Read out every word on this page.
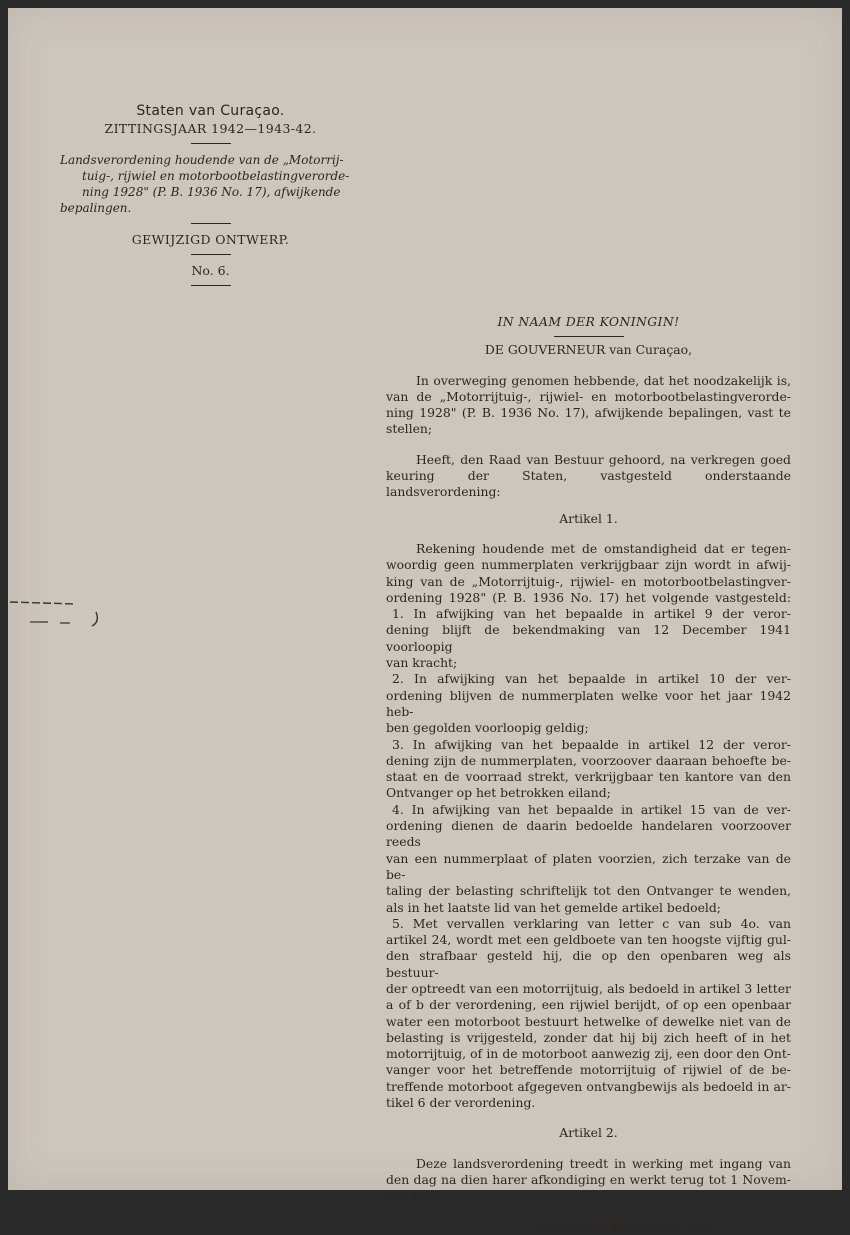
Staten van Curaçao.
ZITTINGSJAAR 1942—1943-42.
Landsverordening houdende van de „Motorrij-
tuig-, rijwiel en motorbootbelastingverorde-
ning 1928" (P. B. 1936 No. 17), afwijkende
bepalingen.
GEWIJZIGD ONTWERP.
No. 6.
IN NAAM DER KONINGIN!
DE GOUVERNEUR van Curaçao,
In overweging genomen hebbende, dat het noodzakelijk is,
van de „Motorrijtuig-, rijwiel- en motorbootbelastingverorde-
ning 1928" (P. B. 1936 No. 17), afwijkende bepalingen, vast te
stellen;
Heeft, den Raad van Bestuur gehoord, na verkregen goed
keuring der Staten, vastgesteld onderstaande landsverordening:
Artikel 1.
Rekening houdende met de omstandigheid dat er tegen-
woordig geen nummerplaten verkrijgbaar zijn wordt in afwij-
king van de „Motorrijtuig-, rijwiel- en motorbootbelastingver-
ordening 1928" (P. B. 1936 No. 17) het volgende vastgesteld:
1. In afwijking van het bepaalde in artikel 9 der veror-
dening blijft de bekendmaking van 12 December 1941 voorloopig
van kracht;
2. In afwijking van het bepaalde in artikel 10 der ver-
ordening blijven de nummerplaten welke voor het jaar 1942 heb-
ben gegolden voorloopig geldig;
3. In afwijking van het bepaalde in artikel 12 der veror-
dening zijn de nummerplaten, voorzoover daaraan behoefte be-
staat en de voorraad strekt, verkrijgbaar ten kantore van den
Ontvanger op het betrokken eiland;
4. In afwijking van het bepaalde in artikel 15 van de ver-
ordening dienen de daarin bedoelde handelaren voorzoover reeds
van een nummerplaat of platen voorzien, zich terzake van de be-
taling der belasting schriftelijk tot den Ontvanger te wenden,
als in het laatste lid van het gemelde artikel bedoeld;
5. Met vervallen verklaring van letter c van sub 4o. van
artikel 24, wordt met een geldboete van ten hoogste vijftig gul-
den strafbaar gesteld hij, die op den openbaren weg als bestuur-
der optreedt van een motorrijtuig, als bedoeld in artikel 3 letter
a of b der verordening, een rijwiel berijdt, of op een openbaar
water een motorboot bestuurt hetwelke of dewelke niet van de
belasting is vrijgesteld, zonder dat hij bij zich heeft of in het
motorrijtuig, of in de motorboot aanwezig zij, een door den Ont-
vanger voor het betreffende motorrijtuig of rijwiel of de be-
treffende motorboot afgegeven ontvangbewijs als bedoeld in ar-
tikel 6 der verordening.
Artikel 2.
Deze landsverordening treedt in werking met ingang van
den dag na dien harer afkondiging en werkt terug tot 1 Novem-
ber 1942.
Gegeven te Willemstad, den
